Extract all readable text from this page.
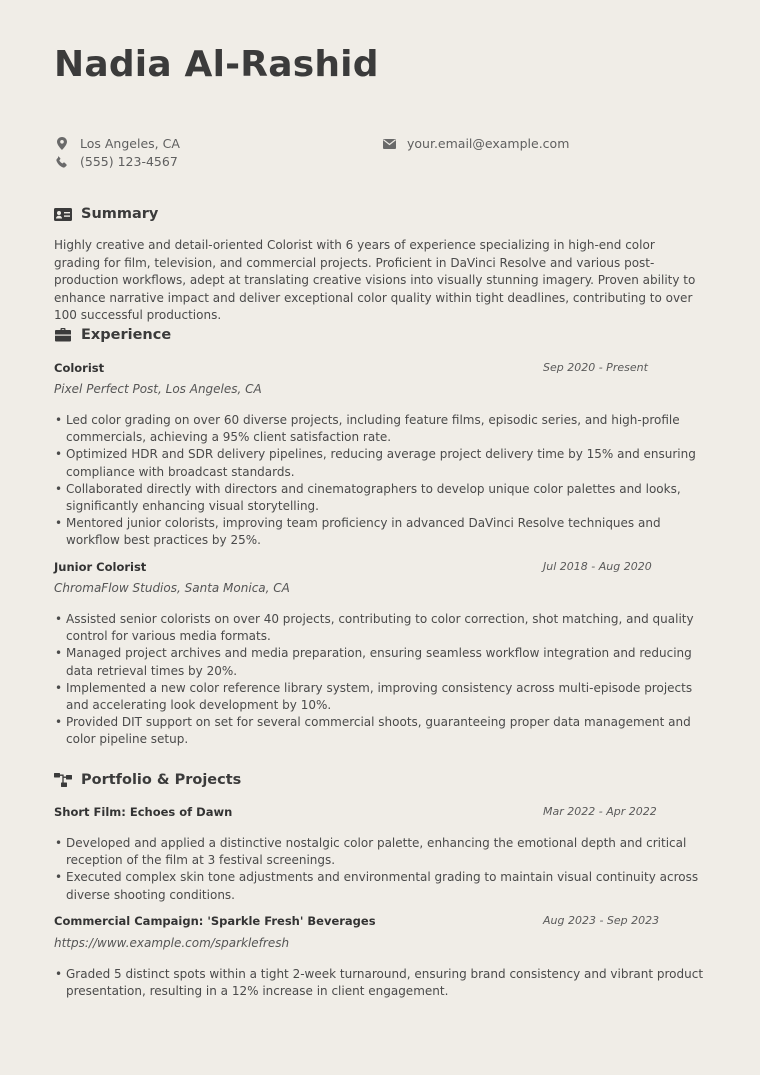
Nadia Al-Rashid
Los Angeles, CA
(555) 123-4567
your.email@example.com
Summary

Highly creative and detail-oriented Colorist with 6 years of experience specializing in high-end color grading for film, television, and commercial projects. Proficient in DaVinci Resolve and various post-production workflows, adept at translating creative visions into visually stunning imagery. Proven ability to enhance narrative impact and deliver exceptional color quality within tight deadlines, contributing to over 100 successful productions.

Experience
Colorist	Sep 2020 - Present
Pixel Perfect Post, Los Angeles, CA
• Led color grading on over 60 diverse projects, including feature films, episodic series, and high-profile commercials, achieving a 95% client satisfaction rate.
• Optimized HDR and SDR delivery pipelines, reducing average project delivery time by 15% and ensuring compliance with broadcast standards.
• Collaborated directly with directors and cinematographers to develop unique color palettes and looks, significantly enhancing visual storytelling.
• Mentored junior colorists, improving team proficiency in advanced DaVinci Resolve techniques and workflow best practices by 25%.
Junior Colorist	Jul 2018 - Aug 2020
ChromaFlow Studios, Santa Monica, CA
• Assisted senior colorists on over 40 projects, contributing to color correction, shot matching, and quality control for various media formats.
• Managed project archives and media preparation, ensuring seamless workflow integration and reducing data retrieval times by 20%.
• Implemented a new color reference library system, improving consistency across multi-episode projects and accelerating look development by 10%.
• Provided DIT support on set for several commercial shoots, guaranteeing proper data management and color pipeline setup.
Portfolio & Projects
Short Film: Echoes of Dawn	Mar 2022 - Apr 2022
• Developed and applied a distinctive nostalgic color palette, enhancing the emotional depth and critical reception of the film at 3 festival screenings.
• Executed complex skin tone adjustments and environmental grading to maintain visual continuity across diverse shooting conditions.
Commercial Campaign: 'Sparkle Fresh' Beverages	Aug 2023 - Sep 2023
https://www.example.com/sparklefresh
• Graded 5 distinct spots within a tight 2-week turnaround, ensuring brand consistency and vibrant product presentation, resulting in a 12% increase in client engagement.
